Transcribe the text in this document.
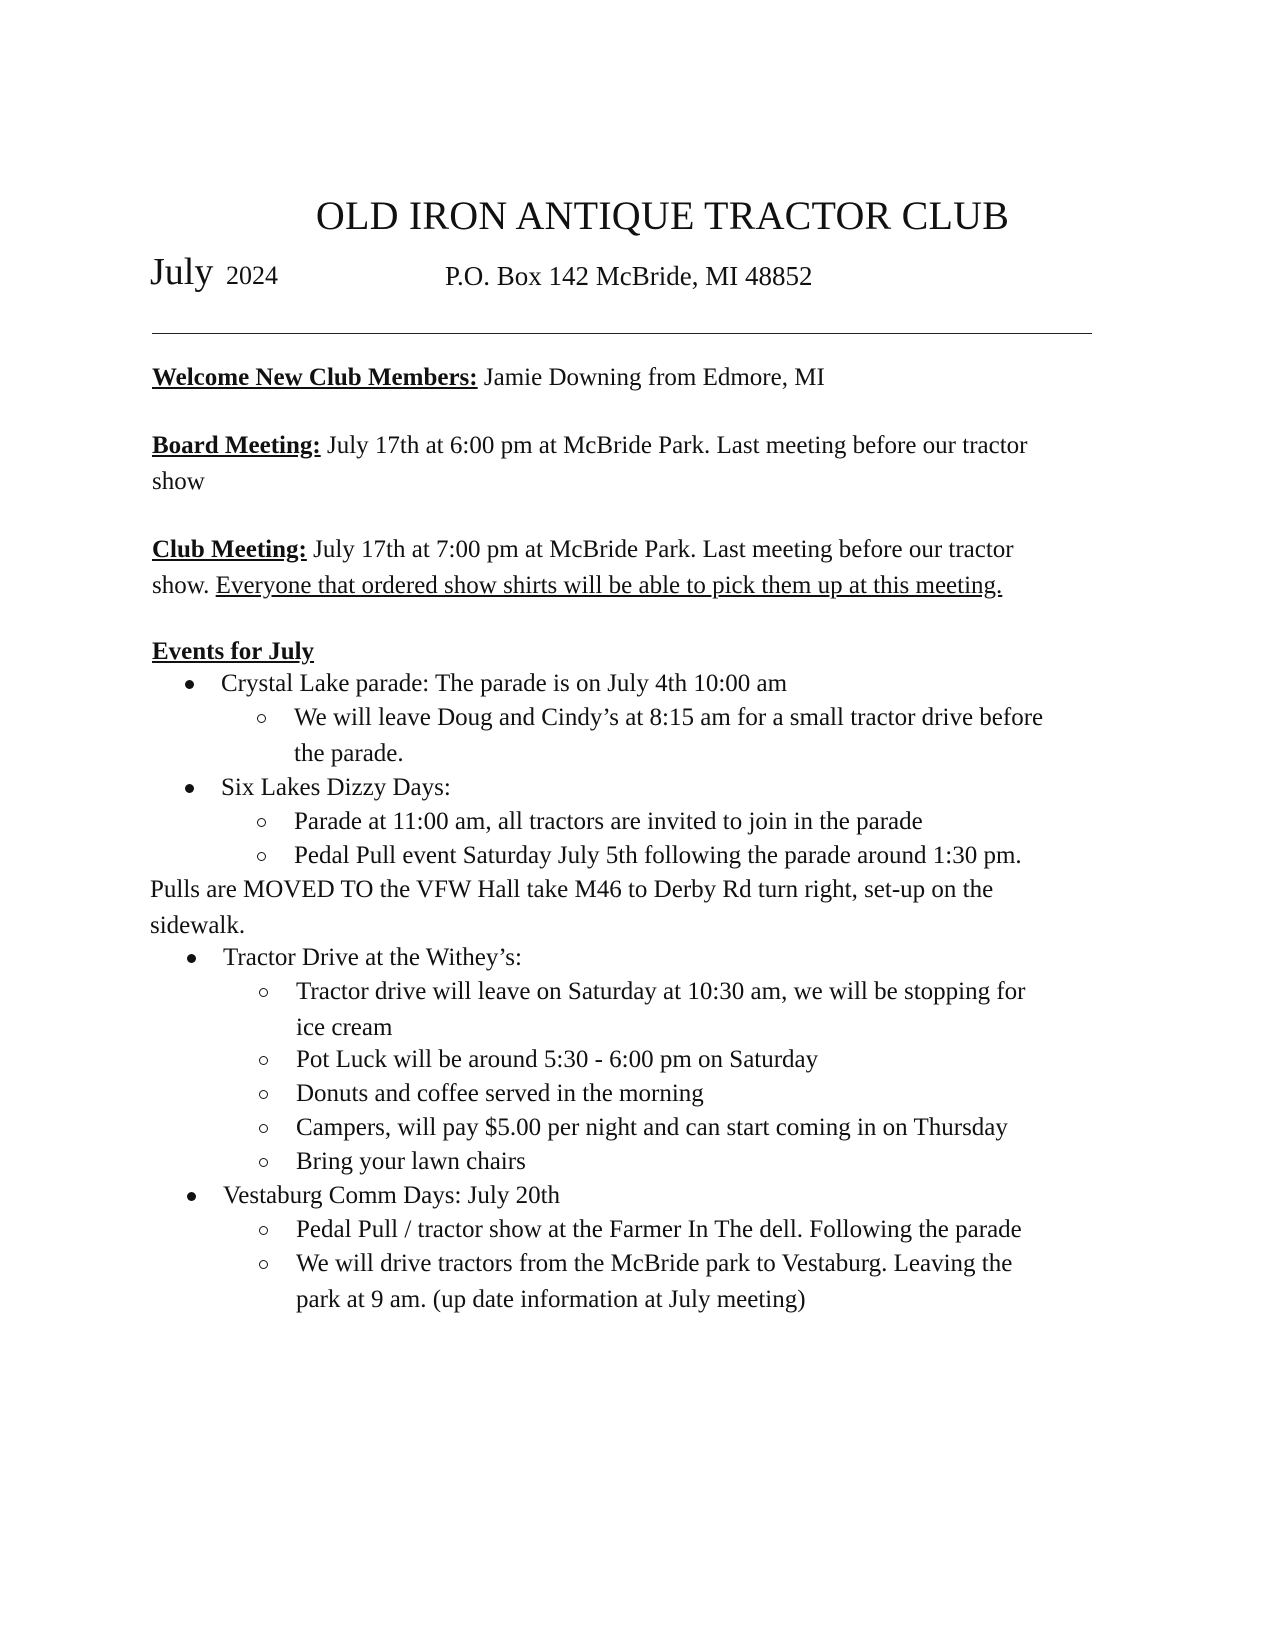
OLD IRON ANTIQUE TRACTOR CLUB
July 2024	P.O. Box 142 McBride, MI 48852
Welcome New Club Members: Jamie Downing from Edmore, MI
Board Meeting: July 17th at 6:00 pm at McBride Park. Last meeting before our tractor
show
Club Meeting: July 17th at 7:00 pm at McBride Park. Last meeting before our tractor
show. Everyone that ordered show shirts will be able to pick them up at this meeting.
Events for July
Crystal Lake parade: The parade is on July 4th 10:00 am
We will leave Doug and Cindy’s at 8:15 am for a small tractor drive before
the parade.
Six Lakes Dizzy Days:
Parade at 11:00 am, all tractors are invited to join in the parade
Pedal Pull event Saturday July 5th following the parade around 1:30 pm.
Pulls are MOVED TO the VFW Hall take M46 to Derby Rd turn right, set-up on the
sidewalk.
Tractor Drive at the Withey’s:
Tractor drive will leave on Saturday at 10:30 am, we will be stopping for
ice cream
Pot Luck will be around 5:30 - 6:00 pm on Saturday
Donuts and coffee served in the morning
Campers, will pay $5.00 per night and can start coming in on Thursday
Bring your lawn chairs
Vestaburg Comm Days: July 20th
Pedal Pull / tractor show at the Farmer In The dell. Following the parade
We will drive tractors from the McBride park to Vestaburg. Leaving the
park at 9 am. (up date information at July meeting)
